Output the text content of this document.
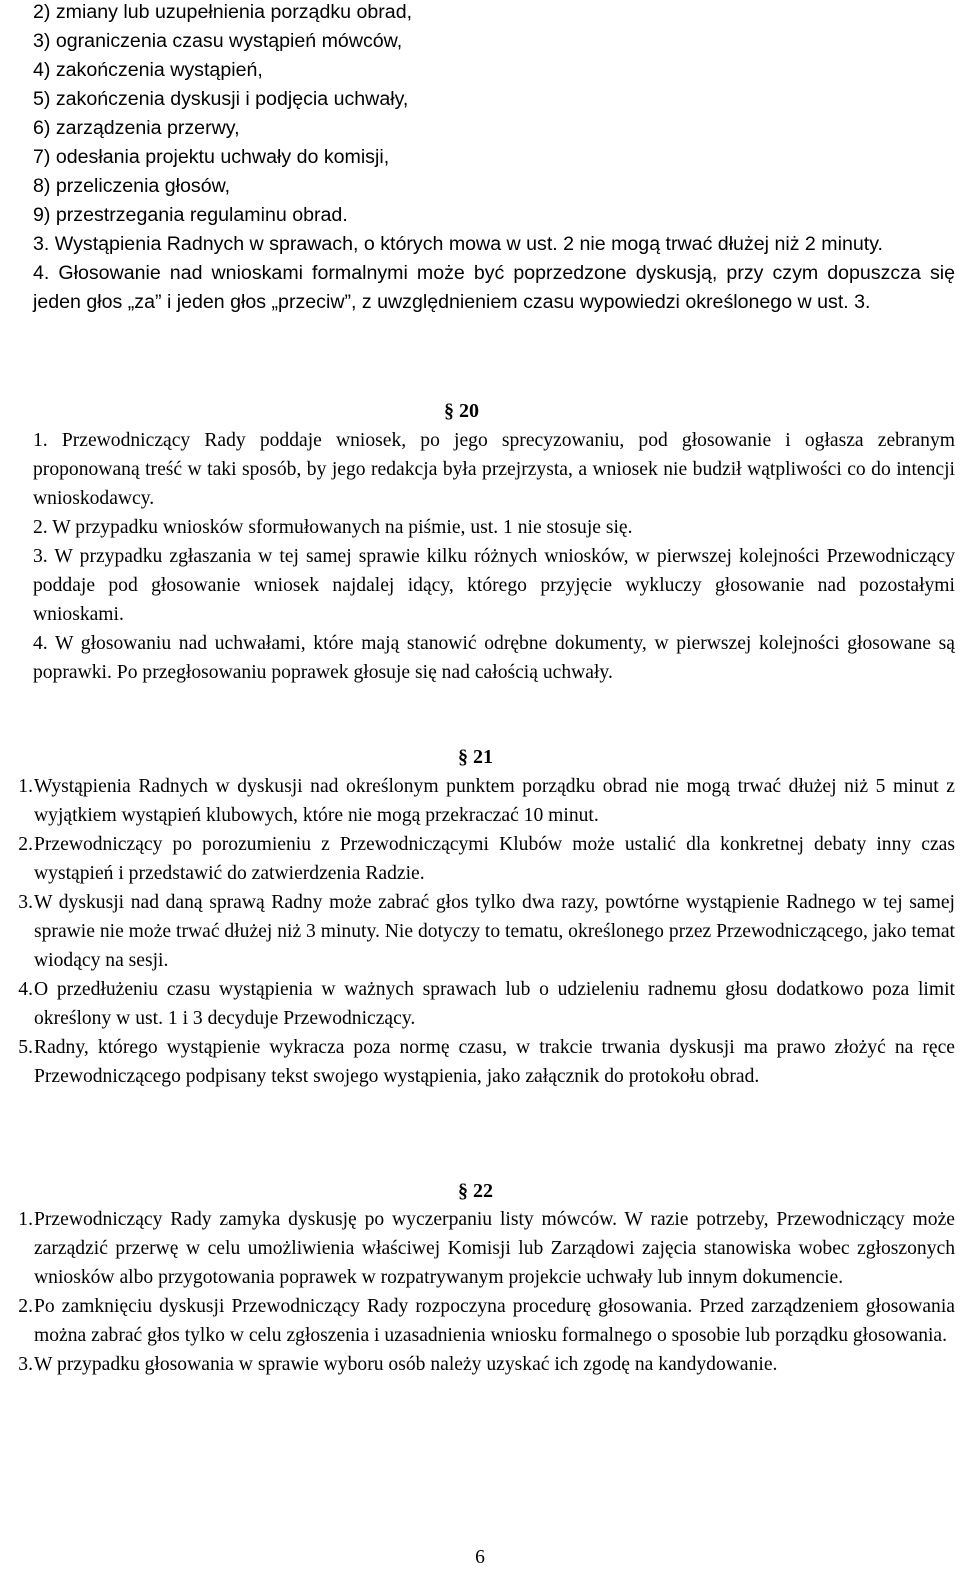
2) zmiany lub uzupełnienia porządku obrad,

3) ograniczenia czasu wystąpień mówców,

4) zakończenia wystąpień,

5) zakończenia dyskusji i podjęcia uchwały,

6) zarządzenia przerwy,

7) odesłania projektu uchwały do komisji,

8) przeliczenia głosów,

9) przestrzegania regulaminu obrad.

3. Wystąpienia Radnych w sprawach, o których mowa w ust. 2 nie mogą trwać dłużej niż 2 minuty.

4. Głosowanie nad wnioskami formalnymi może być poprzedzone dyskusją, przy czym dopuszcza się jeden głos „za” i jeden głos „przeciw”, z uwzględnieniem czasu wypowiedzi określonego w ust. 3.

§ 20

1. Przewodniczący Rady poddaje wniosek, po jego sprecyzowaniu, pod głosowanie i ogłasza zebranym proponowaną treść w taki sposób, by jego redakcja była przejrzysta, a wniosek nie budził wątpliwości co do intencji wnioskodawcy.

2. W przypadku wniosków sformułowanych na piśmie, ust. 1 nie stosuje się.

3. W przypadku zgłaszania w tej samej sprawie kilku różnych wniosków, w pierwszej kolejności Przewodniczący poddaje pod głosowanie wniosek najdalej idący, którego przyjęcie wykluczy głosowanie nad pozostałymi wnioskami.

4. W głosowaniu nad uchwałami, które mają stanowić odrębne dokumenty, w pierwszej kolejności głosowane są poprawki. Po przegłosowaniu poprawek głosuje się nad całością uchwały.

§ 21
1. Wystąpienia Radnych w dyskusji nad określonym punktem porządku obrad nie mogą trwać dłużej niż 5 minut z wyjątkiem wystąpień klubowych, które nie mogą przekraczać 10 minut.
2. Przewodniczący po porozumieniu z Przewodniczącymi Klubów może ustalić dla konkretnej debaty inny czas wystąpień i przedstawić do zatwierdzenia Radzie.
3. W dyskusji nad daną sprawą Radny może zabrać głos tylko dwa razy, powtórne wystąpienie Radnego w tej samej sprawie nie może trwać dłużej niż 3 minuty. Nie dotyczy to tematu, określonego przez Przewodniczącego, jako temat wiodący na sesji.
4. O przedłużeniu czasu wystąpienia w ważnych sprawach lub o udzieleniu radnemu głosu dodatkowo poza limit określony w ust. 1 i 3 decyduje Przewodniczący.
5. Radny, którego wystąpienie wykracza poza normę czasu, w trakcie trwania dyskusji ma prawo złożyć na ręce Przewodniczącego podpisany tekst swojego wystąpienia, jako załącznik do protokołu obrad.
§ 22
1. Przewodniczący Rady zamyka dyskusję po wyczerpaniu listy mówców. W razie potrzeby, Przewodniczący może zarządzić przerwę w celu umożliwienia właściwej Komisji lub Zarządowi zajęcia stanowiska wobec zgłoszonych wniosków albo przygotowania poprawek w rozpatrywanym projekcie uchwały lub innym dokumencie.
2. Po zamknięciu dyskusji Przewodniczący Rady rozpoczyna procedurę głosowania. Przed zarządzeniem głosowania można zabrać głos tylko w celu zgłoszenia i uzasadnienia wniosku formalnego o sposobie lub porządku głosowania.
3. W przypadku głosowania w sprawie wyboru osób należy uzyskać ich zgodę na kandydowanie.
6
